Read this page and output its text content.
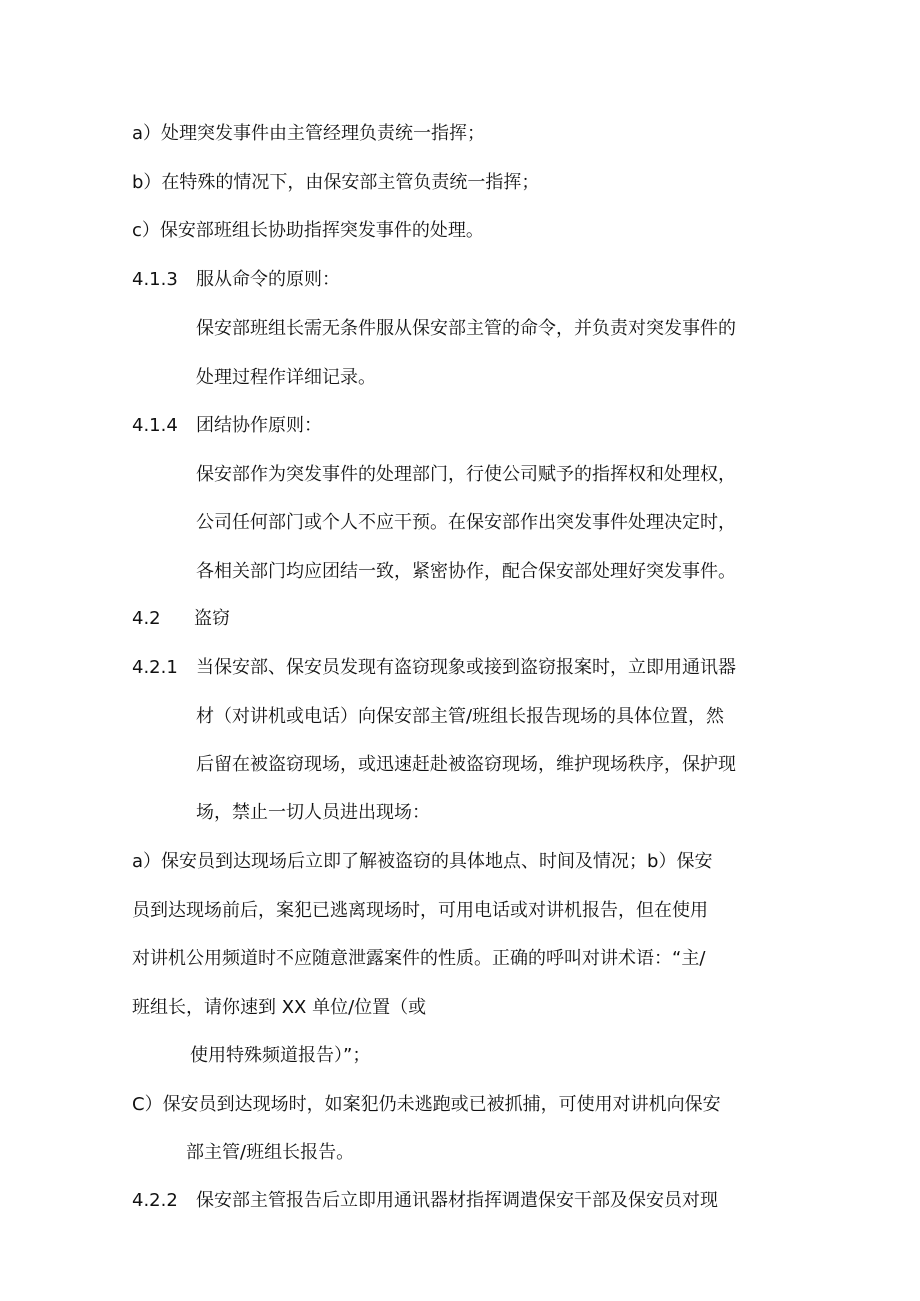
a）处理突发事件由主管经理负责统一指挥；
b）在特殊的情况下，由保安部主管负责统一指挥；
c）保安部班组长协助指挥突发事件的处理。
4.1.3 服从命令的原则：
保安部班组长需无条件服从保安部主管的命令，并负责对突发事件的
处理过程作详细记录。
4.1.4 团结协作原则：
保安部作为突发事件的处理部门，行使公司赋予的指挥权和处理权，
公司任何部门或个人不应干预。在保安部作出突发事件处理决定时，
各相关部门均应团结一致，紧密协作，配合保安部处理好突发事件。
4.2 盗窃
4.2.1 当保安部、保安员发现有盗窃现象或接到盗窃报案时，立即用通讯器
材（对讲机或电话）向保安部主管/班组长报告现场的具体位置，然
后留在被盗窃现场，或迅速赶赴被盗窃现场，维护现场秩序，保护现
场，禁止一切人员进出现场：
a）保安员到达现场后立即了解被盗窃的具体地点、时间及情况；b）保安
员到达现场前后，案犯已逃离现场时，可用电话或对讲机报告，但在使用
对讲机公用频道时不应随意泄露案件的性质。正确的呼叫对讲术语：“主/
班组长，请你速到 XX 单位/位置（或
使用特殊频道报告）”；
C）保安员到达现场时，如案犯仍未逃跑或已被抓捕，可使用对讲机向保安
部主管/班组长报告。
4.2.2 保安部主管报告后立即用通讯器材指挥调遣保安干部及保安员对现
